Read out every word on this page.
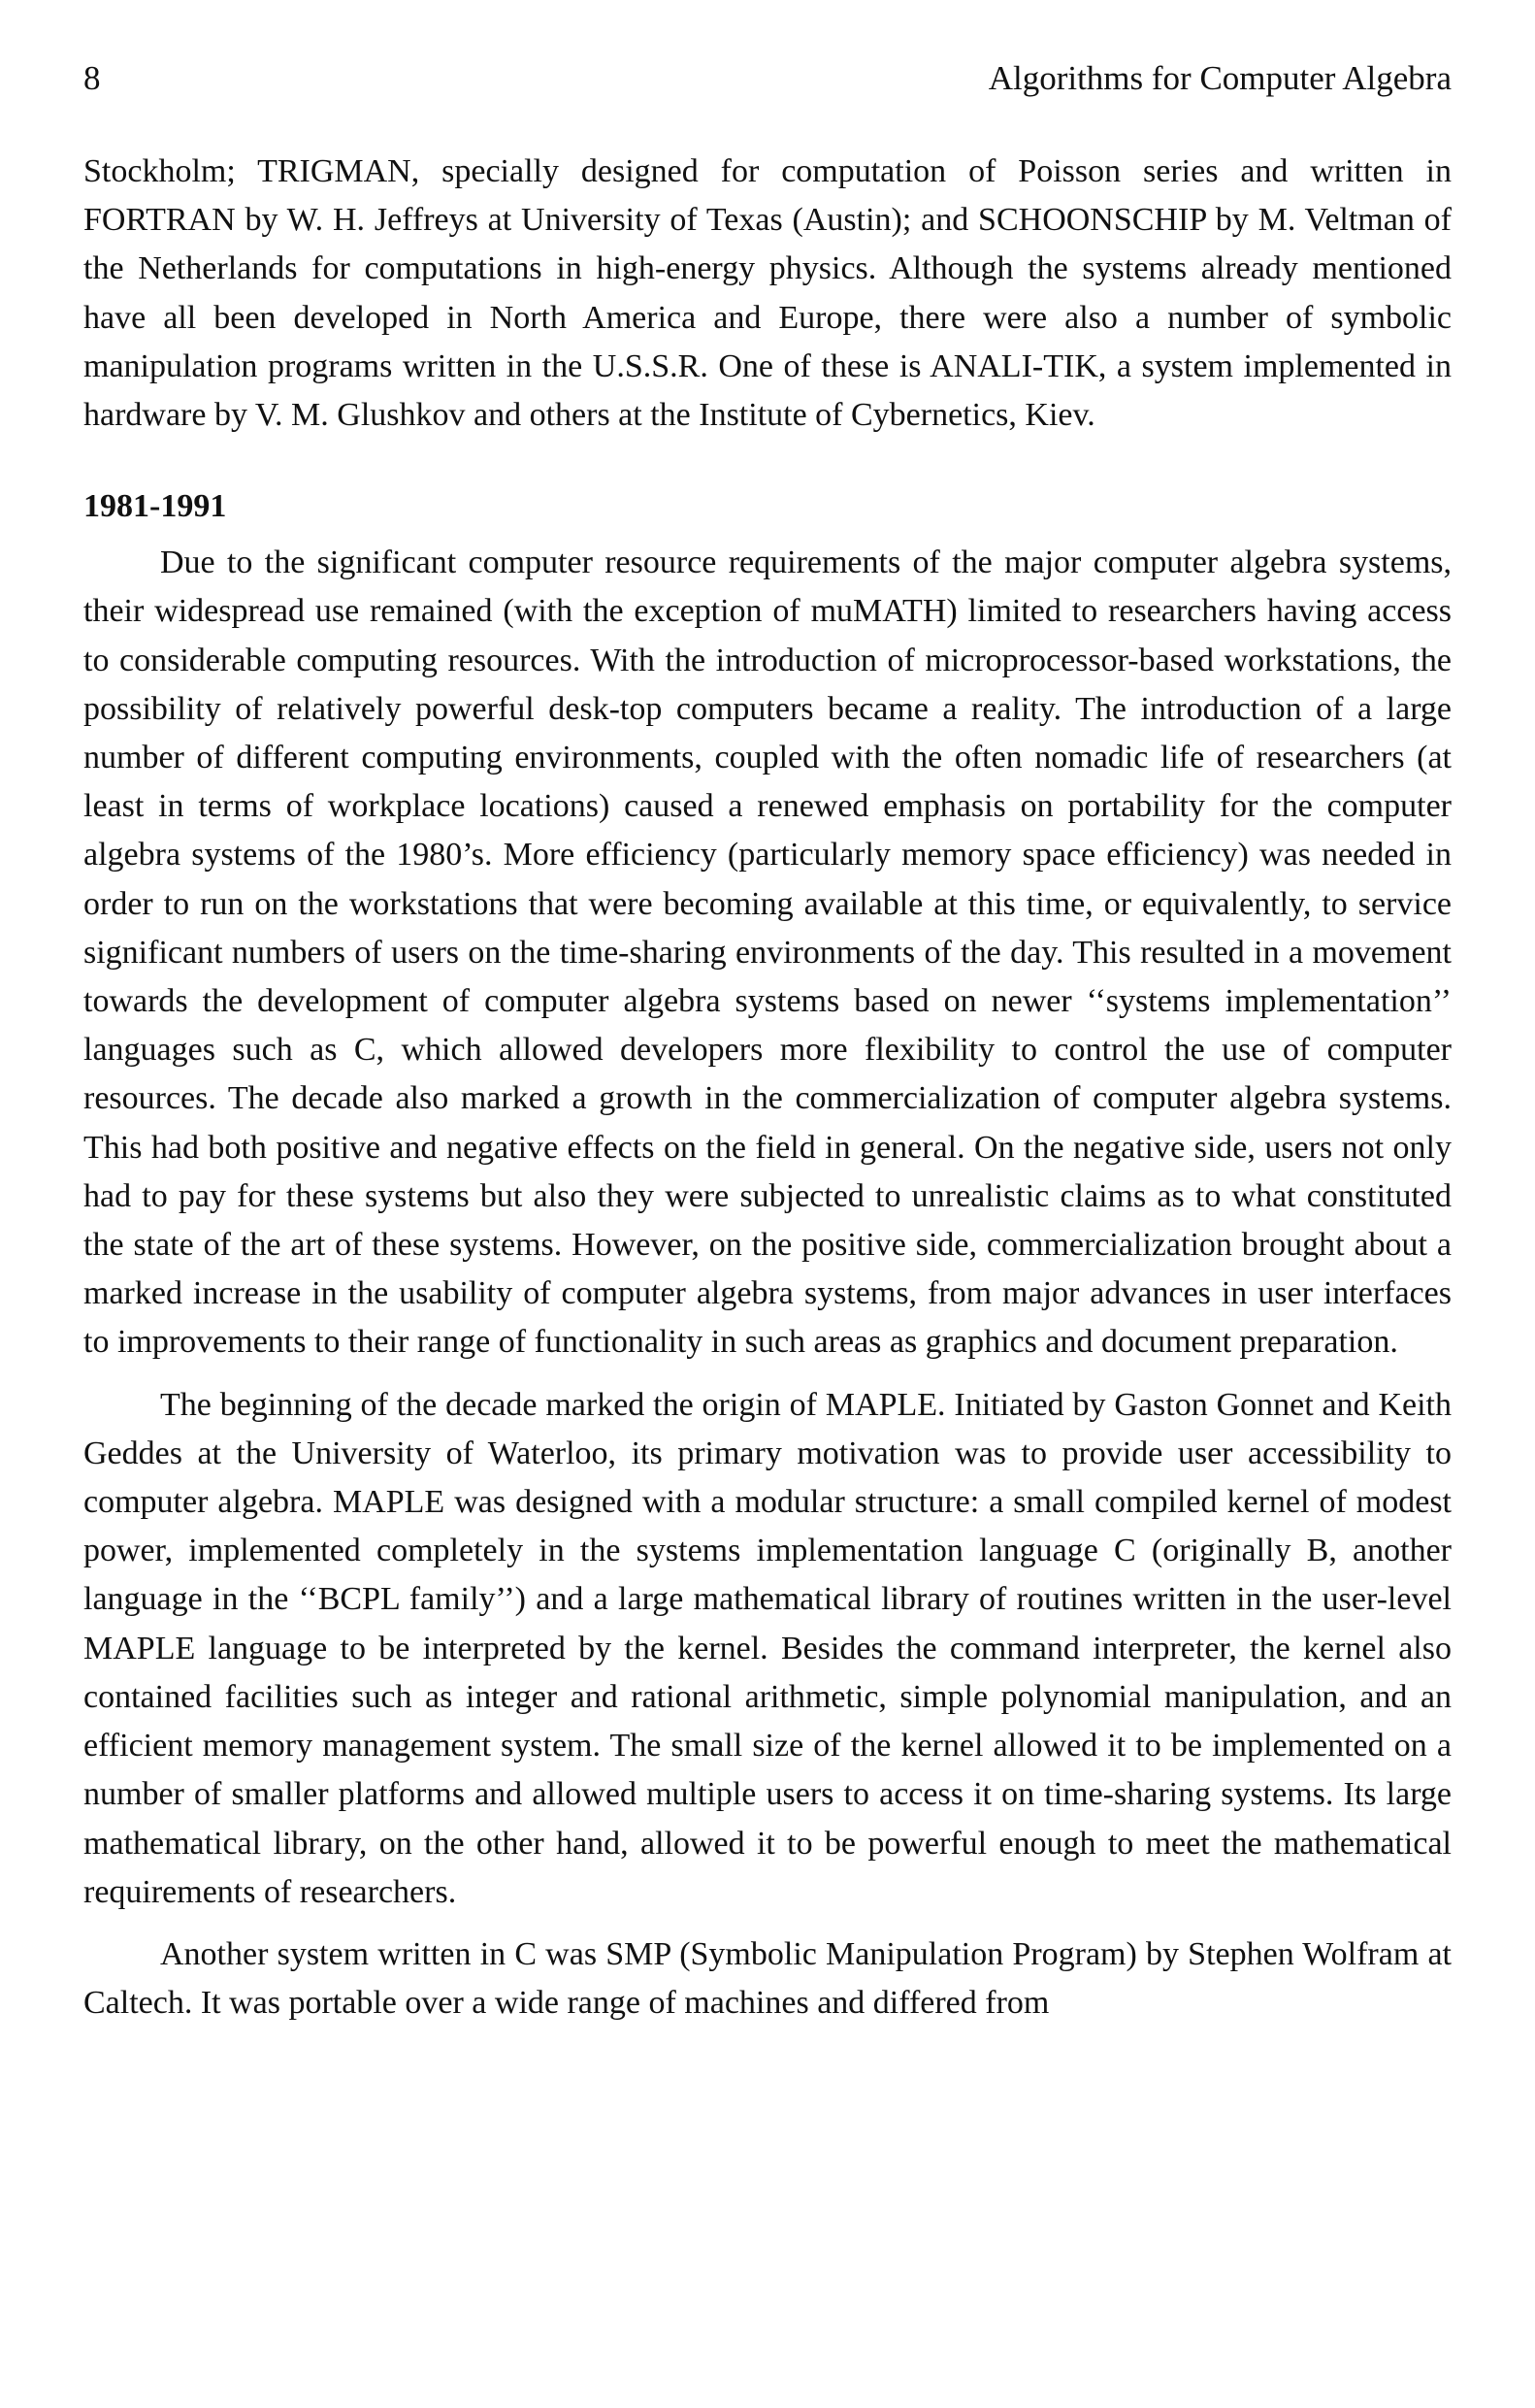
8	Algorithms for Computer Algebra

Stockholm; TRIGMAN, specially designed for computation of Poisson series and written in FORTRAN by W. H. Jeffreys at University of Texas (Austin); and SCHOONSCHIP by M. Veltman of the Netherlands for computations in high-energy physics. Although the systems already mentioned have all been developed in North America and Europe, there were also a number of symbolic manipulation programs written in the U.S.S.R. One of these is ANALI-TIK, a system implemented in hardware by V. M. Glushkov and others at the Institute of Cybernetics, Kiev.

1981-1991

Due to the significant computer resource requirements of the major computer algebra systems, their widespread use remained (with the exception of muMATH) limited to researchers having access to considerable computing resources. With the introduction of microprocessor-based workstations, the possibility of relatively powerful desk-top computers became a reality. The introduction of a large number of different computing environments, coupled with the often nomadic life of researchers (at least in terms of workplace locations) caused a renewed emphasis on portability for the computer algebra systems of the 1980’s. More efficiency (particularly memory space efficiency) was needed in order to run on the workstations that were becoming available at this time, or equivalently, to service significant numbers of users on the time-sharing environments of the day. This resulted in a movement towards the development of computer algebra systems based on newer ‘‘systems implementation’’ languages such as C, which allowed developers more flexibility to control the use of computer resources. The decade also marked a growth in the commercialization of computer algebra systems. This had both positive and negative effects on the field in general. On the negative side, users not only had to pay for these systems but also they were subjected to unrealistic claims as to what constituted the state of the art of these systems. However, on the positive side, commercialization brought about a marked increase in the usability of computer algebra systems, from major advances in user interfaces to improvements to their range of functionality in such areas as graphics and document preparation.

The beginning of the decade marked the origin of MAPLE. Initiated by Gaston Gonnet and Keith Geddes at the University of Waterloo, its primary motivation was to provide user accessibility to computer algebra. MAPLE was designed with a modular structure: a small compiled kernel of modest power, implemented completely in the systems implementation language C (originally B, another language in the ‘‘BCPL family’’) and a large mathematical library of routines written in the user-level MAPLE language to be interpreted by the kernel. Besides the command interpreter, the kernel also contained facilities such as integer and rational arithmetic, simple polynomial manipulation, and an efficient memory management system. The small size of the kernel allowed it to be implemented on a number of smaller platforms and allowed multiple users to access it on time-sharing systems. Its large mathematical library, on the other hand, allowed it to be powerful enough to meet the mathematical requirements of researchers.

Another system written in C was SMP (Symbolic Manipulation Program) by Stephen Wolfram at Caltech. It was portable over a wide range of machines and differed from
